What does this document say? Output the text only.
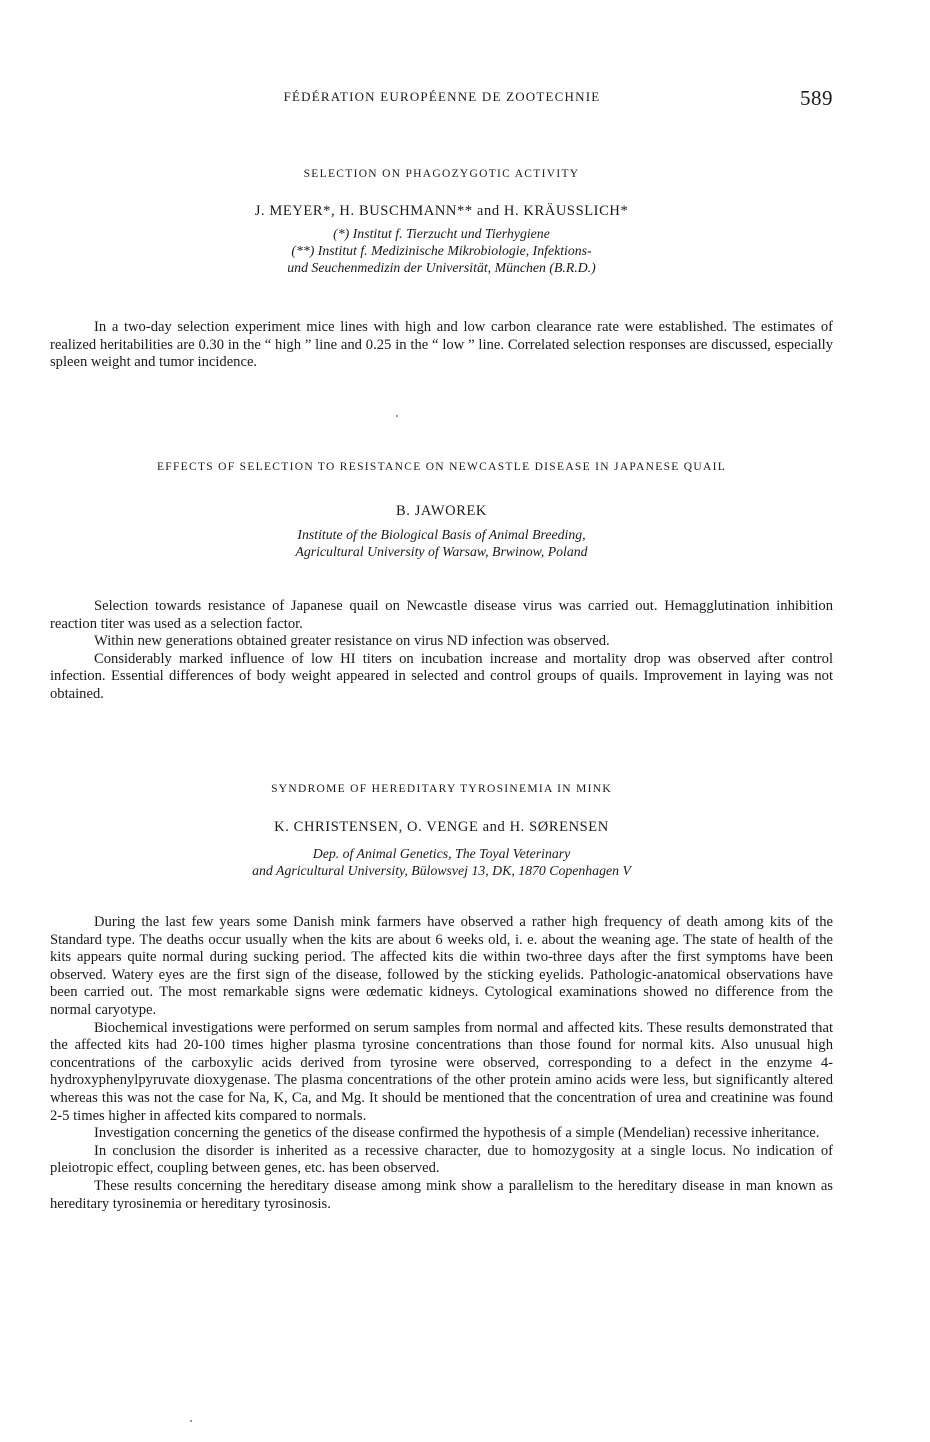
FÉDÉRATION EUROPÉENNE DE ZOOTECHNIE	589
SELECTION ON PHAGOZYGOTIC ACTIVITY
J. MEYER*, H. BUSCHMANN** and H. KRÄUSSLICH*
(*) Institut f. Tierzucht und Tierhygiene
(**) Institut f. Medizinische Mikrobiologie, Infektions-
und Seuchenmedizin der Universität, München (B.R.D.)

In a two-day selection experiment mice lines with high and low carbon clearance rate were established. The estimates of realized heritabilities are 0.30 in the “ high ” line and 0.25 in the “ low ” line. Correlated selection responses are discussed, especially spleen weight and tumor incidence.

EFFECTS OF SELECTION TO RESISTANCE ON NEWCASTLE DISEASE IN JAPANESE QUAIL
B. JAWOREK
Institute of the Biological Basis of Animal Breeding,
Agricultural University of Warsaw, Brwinow, Poland

Selection towards resistance of Japanese quail on Newcastle disease virus was carried out. Hemagglutination inhibition reaction titer was used as a selection factor.

Within new generations obtained greater resistance on virus ND infection was observed.

Considerably marked influence of low HI titers on incubation increase and mortality drop was observed after control infection. Essential differences of body weight appeared in selected and control groups of quails. Improvement in laying was not obtained.

SYNDROME OF HEREDITARY TYROSINEMIA IN MINK
K. CHRISTENSEN, O. VENGE and H. SØRENSEN
Dep. of Animal Genetics, The Toyal Veterinary
and Agricultural University, Bülowsvej 13, DK, 1870 Copenhagen V

During the last few years some Danish mink farmers have observed a rather high frequency of death among kits of the Standard type. The deaths occur usually when the kits are about 6 weeks old, i. e. about the weaning age. The state of health of the kits appears quite normal during sucking period. The affected kits die within two-three days after the first symptoms have been observed. Watery eyes are the first sign of the disease, followed by the sticking eyelids. Pathologic-anatomical observations have been carried out. The most remarkable signs were œdematic kidneys. Cytological examinations showed no difference from the normal caryotype.

Biochemical investigations were performed on serum samples from normal and affected kits. These results demonstrated that the affected kits had 20-100 times higher plasma tyrosine concentrations than those found for normal kits. Also unusual high concentrations of the carboxylic acids derived from tyrosine were observed, corresponding to a defect in the enzyme 4-hydroxyphenylpyruvate dioxygenase. The plasma concentrations of the other protein amino acids were less, but significantly altered whereas this was not the case for Na, K, Ca, and Mg. It should be mentioned that the concentration of urea and creatinine was found 2-5 times higher in affected kits compared to normals.

Investigation concerning the genetics of the disease confirmed the hypothesis of a simple (Mendelian) recessive inheritance.

In conclusion the disorder is inherited as a recessive character, due to homozygosity at a single locus. No indication of pleiotropic effect, coupling between genes, etc. has been observed.

These results concerning the hereditary disease among mink show a parallelism to the hereditary disease in man known as hereditary tyrosinemia or hereditary tyrosinosis.
